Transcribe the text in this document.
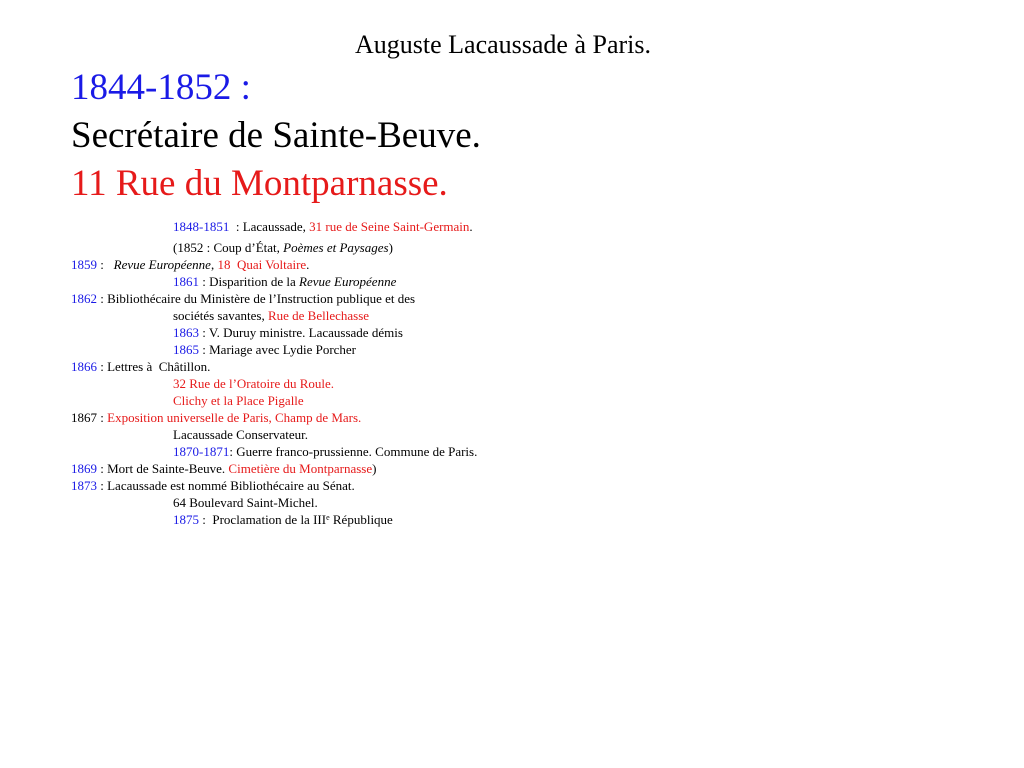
Auguste Lacaussade à Paris.
1844-1852 :
Secrétaire de Sainte-Beuve.
11 Rue du Montparnasse.
1848-1851  : Lacaussade, 31 rue de Seine Saint-Germain.
(1852 : Coup d’État, Poèmes et Paysages)
1859 :   Revue Européenne, 18  Quai Voltaire.
1861 : Disparition de la Revue Européenne
1862 : Bibliothécaire du Ministère de l’Instruction publique et des
sociétés savantes, Rue de Bellechasse
1863 : V. Duruy ministre. Lacaussade démis
1865 : Mariage avec Lydie Porcher
1866 : Lettres à  Châtillon.
32 Rue de l’Oratoire du Roule.
Clichy et la Place Pigalle
1867 : Exposition universelle de Paris, Champ de Mars.
Lacaussade Conservateur.
1870-1871: Guerre franco-prussienne. Commune de Paris.
1869 : Mort de Sainte-Beuve. Cimetière du Montparnasse)
1873 : Lacaussade est nommé Bibliothécaire au Sénat.
64 Boulevard Saint-Michel.
1875 :  Proclamation de la IIIe République
